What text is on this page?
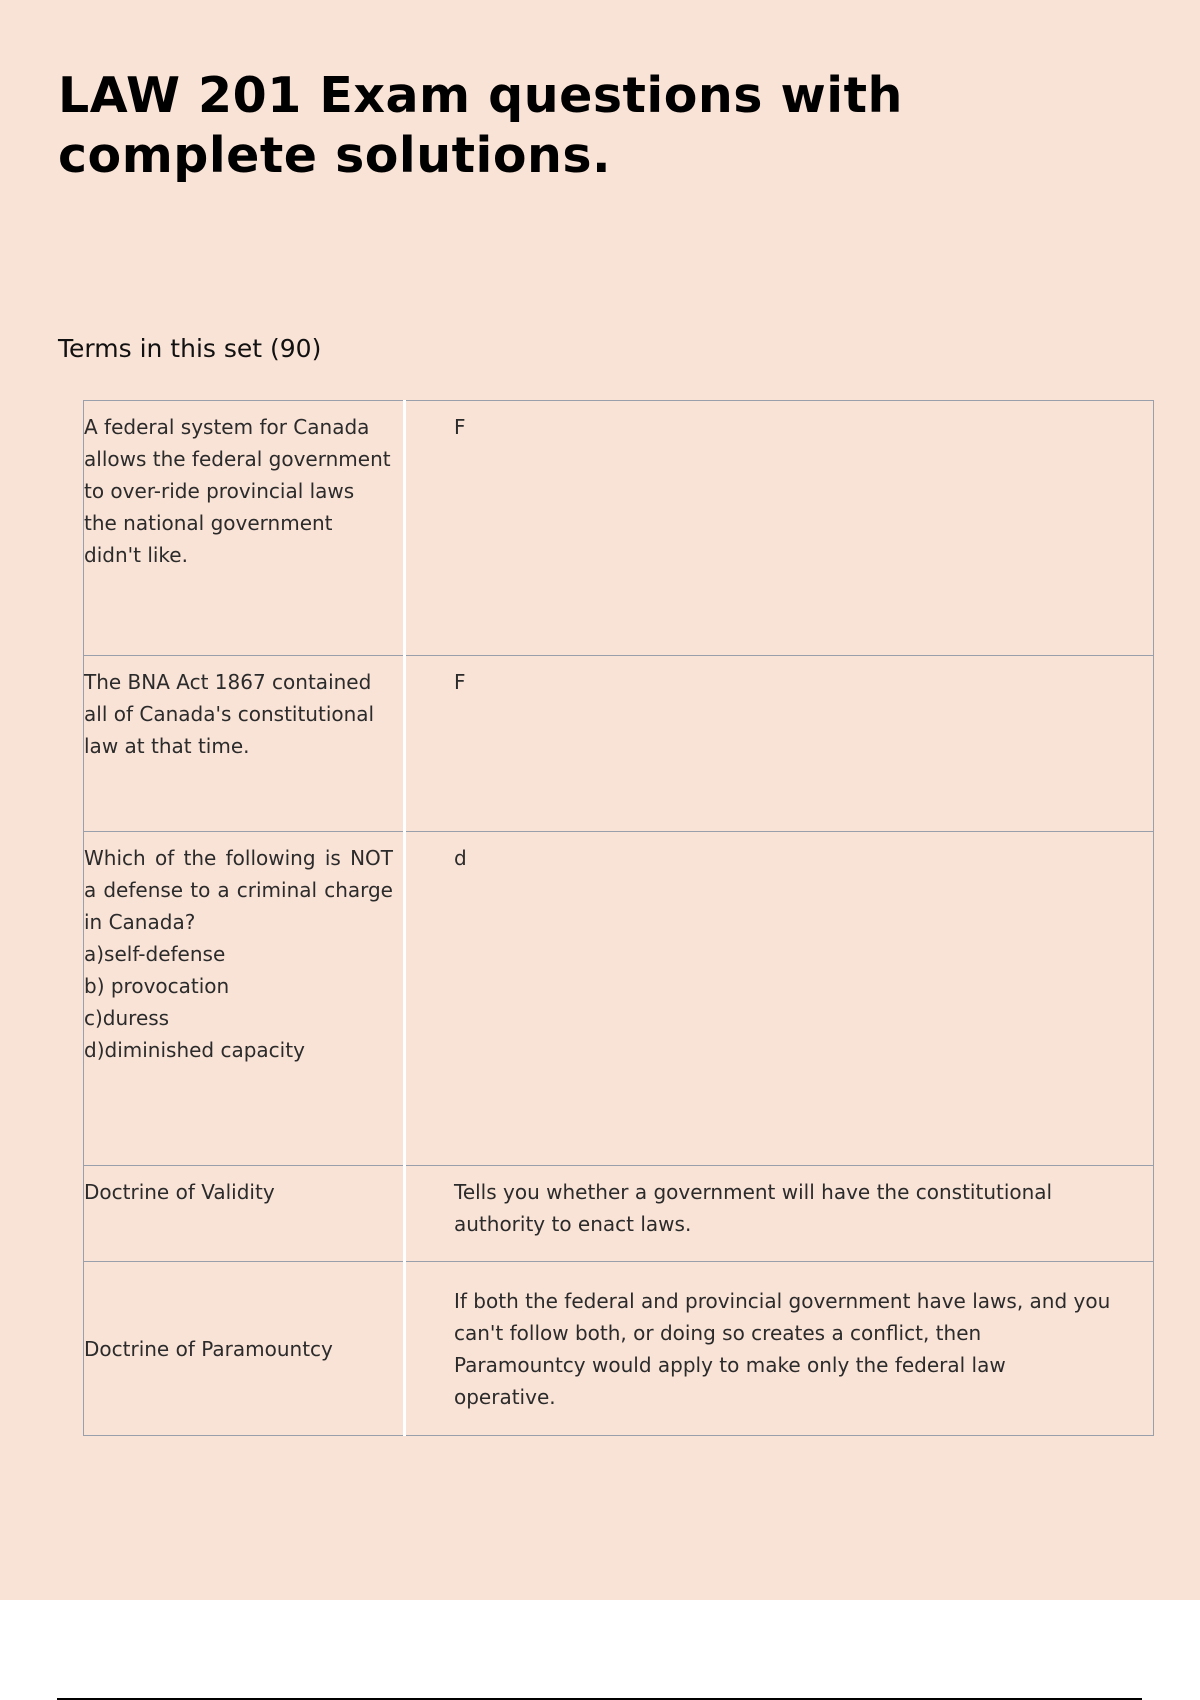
LAW 201 Exam questions with complete solutions.
Terms in this set (90)
A federal system for Canada allows the federal government to over-ride provincial laws the national government didn't like.	F

The BNA Act 1867 contained all of Canada's constitutional law at that time.	F

Which of the following is NOT a defense to a criminal charge in Canada?
a)self-defense
b) provocation
c)duress
d)diminished capacity	d

Doctrine of Validity	Tells you whether a government will have the constitutional authority to enact laws.

Doctrine of Paramountcy	If both the federal and provincial government have laws, and you can't follow both, or doing so creates a conflict, then Paramountcy would apply to make only the federal law operative.
